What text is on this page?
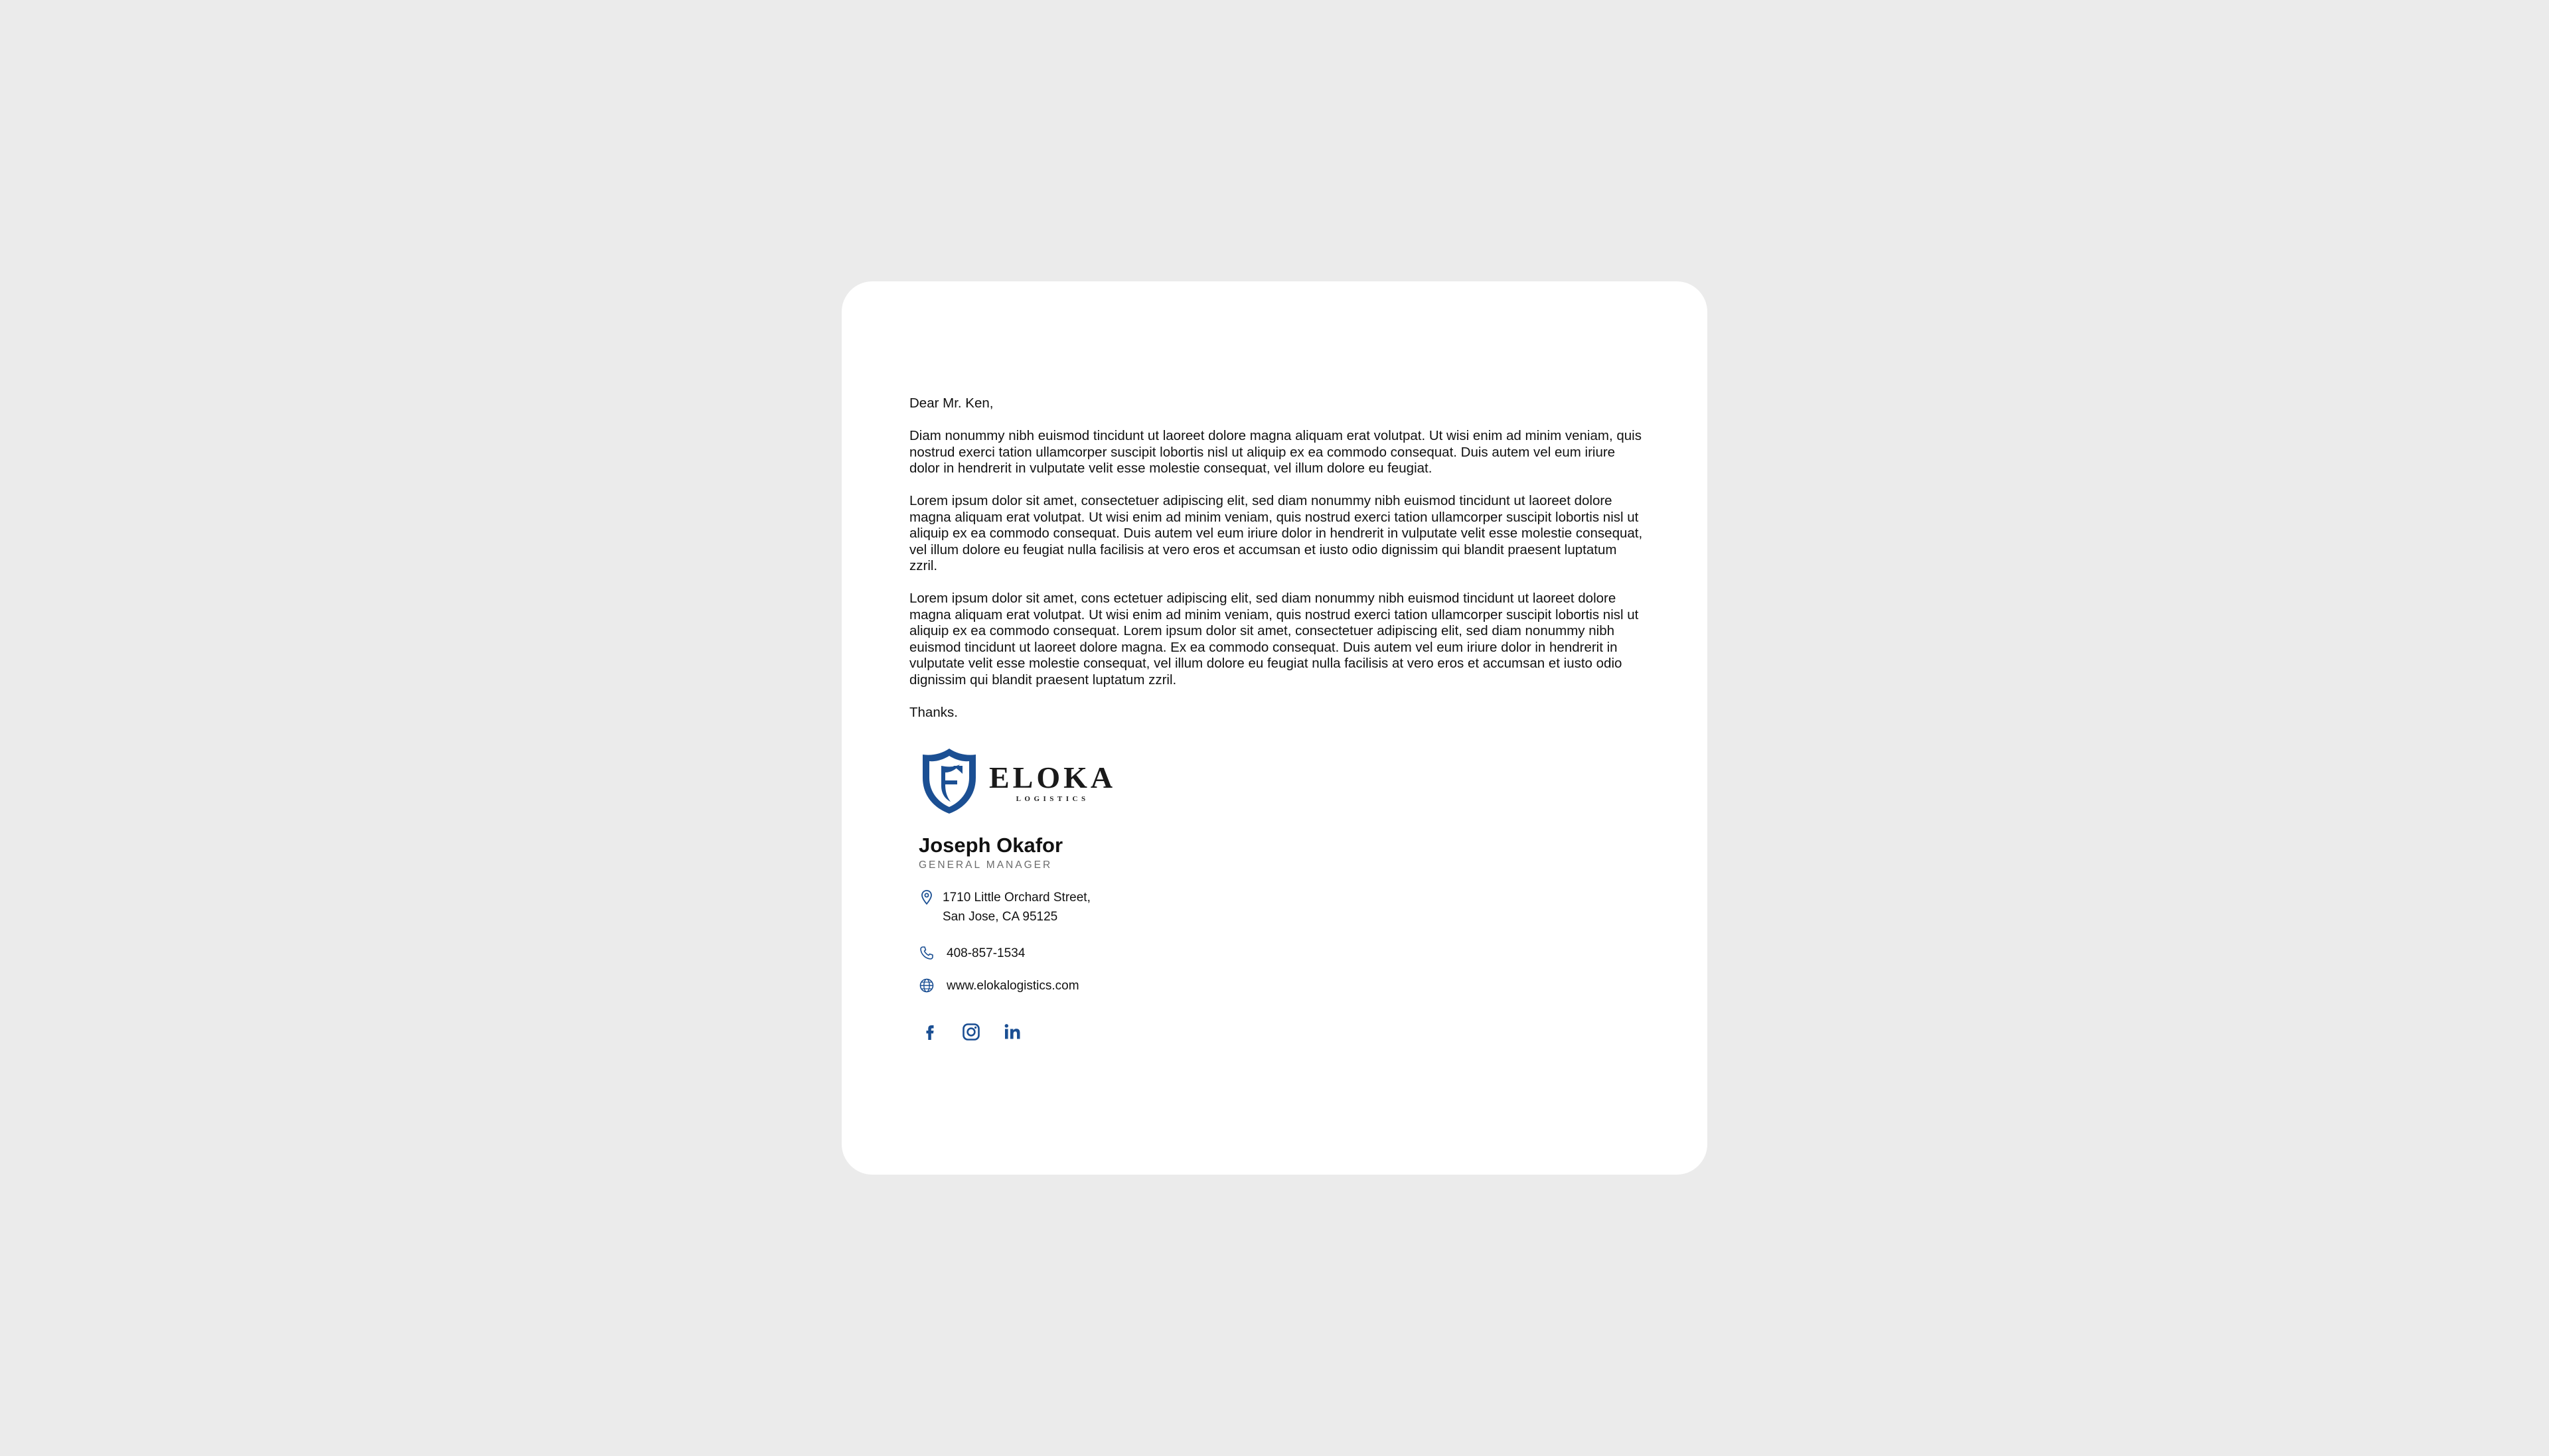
Dear Mr. Ken,

Diam nonummy nibh euismod tincidunt ut laoreet dolore magna aliquam erat volutpat. Ut wisi enim ad minim veniam, quis nostrud exerci tation ullamcorper suscipit lobortis nisl ut aliquip ex ea commodo consequat. Duis autem vel eum iriure dolor in hendrerit in vulputate velit esse molestie consequat, vel illum dolore eu feugiat.

Lorem ipsum dolor sit amet, consectetuer adipiscing elit, sed diam nonummy nibh euismod tincidunt ut laoreet dolore magna aliquam erat volutpat. Ut wisi enim ad minim veniam, quis nostrud exerci tation ullamcorper suscipit lobortis nisl ut aliquip ex ea commodo consequat. Duis autem vel eum iriure dolor in hendrerit in vulputate velit esse molestie consequat, vel illum dolore eu feugiat nulla facilisis at vero eros et accumsan et iusto odio dignissim qui blandit praesent luptatum zzril.

Lorem ipsum dolor sit amet, cons ectetuer adipiscing elit, sed diam nonummy nibh euismod tincidunt ut laoreet dolore magna aliquam erat volutpat. Ut wisi enim ad minim veniam, quis nostrud exerci tation ullamcorper suscipit lobortis nisl ut aliquip ex ea commodo consequat. Lorem ipsum dolor sit amet, consectetuer adipiscing elit, sed diam nonummy nibh euismod tincidunt ut laoreet dolore magna. Ex ea commodo consequat. Duis autem vel eum iriure dolor in hendrerit in vulputate velit esse molestie consequat, vel illum dolore eu feugiat nulla facilisis at vero eros et accumsan et iusto odio dignissim qui blandit praesent luptatum zzril.

Thanks.

ELOKA
LOGISTICS
Joseph Okafor
GENERAL MANAGER
1710 Little Orchard Street,
San Jose, CA 95125
408-857-1534
www.elokalogistics.com
